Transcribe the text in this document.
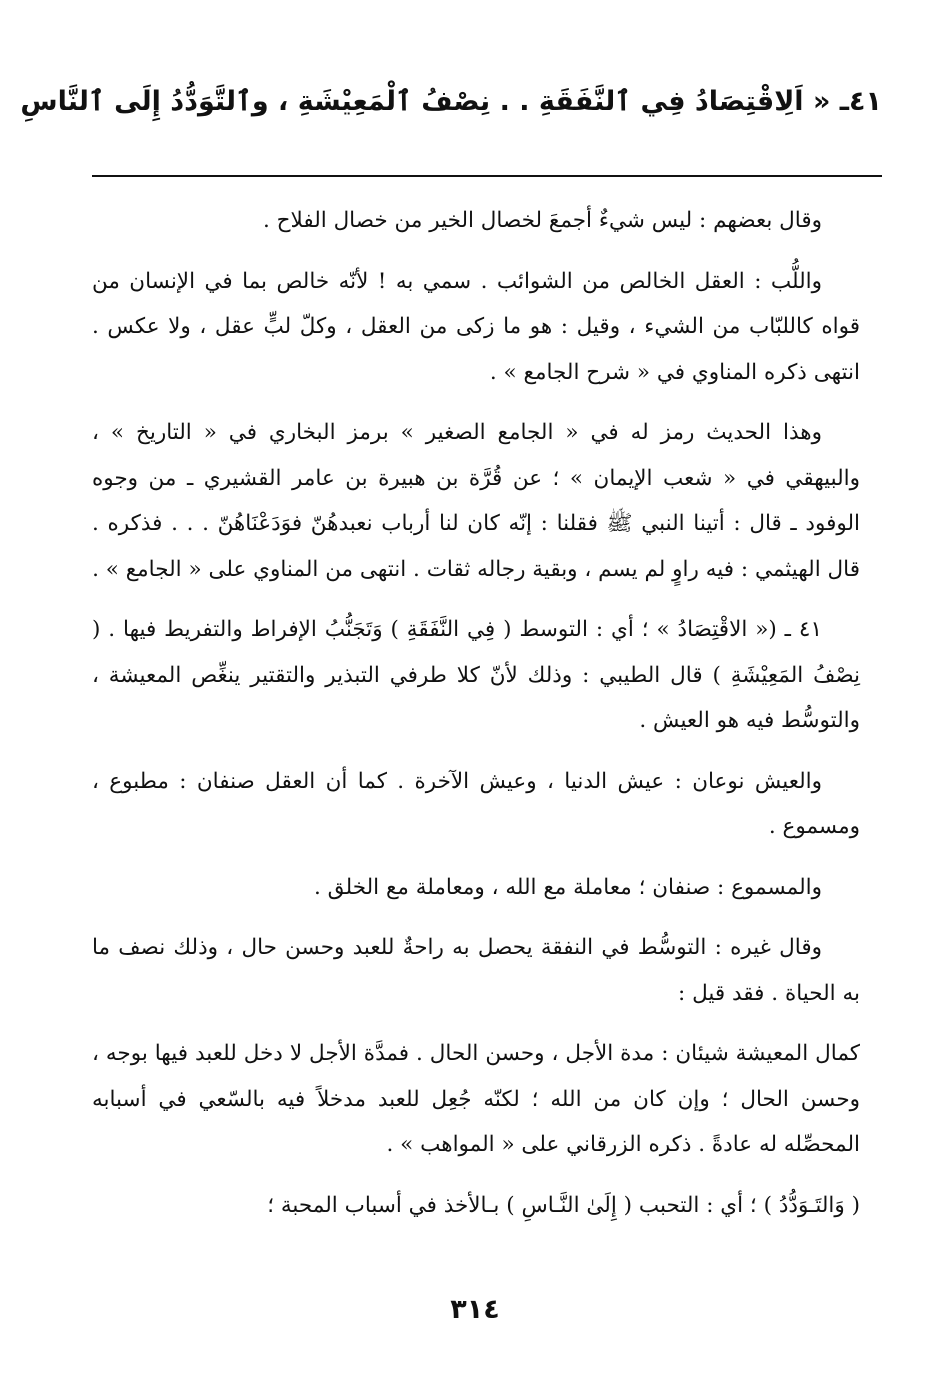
٤١ـ « اَلِاقْتِصَادُ فِي ٱلنَّفَقَةِ . . نِصْفُ ٱلْمَعِيْشَةِ ، وٱلتَّوَدُّدُ إِلَى ٱلنَّاسِ

وقال بعضهم : ليس شيءٌ أجمعَ لخصال الخير من خصال الفلاح .

واللُّب : العقل الخالص من الشوائب . سمي به ! لأنّه خالص بما في الإنسان من قواه كاللبّاب من الشيء ، وقيل : هو ما زكى من العقل ، وكلّ لبٍّ عقل ، ولا عكس . انتهى ذكره المناوي في « شرح الجامع » .

وهذا الحديث رمز له في « الجامع الصغير » برمز البخاري في « التاريخ » ، والبيهقي في « شعب الإيمان » ؛ عن قُرَّة بن هبيرة بن عامر القشيري ـ من وجوه الوفود ـ قال : أتينا النبي ﷺ فقلنا : إنّه كان لنا أرباب نعبدهُنّ فوَدَعْنَاهُنّ . . . فذكره . قال الهيثمي : فيه راوٍ لم يسم ، وبقية رجاله ثقات . انتهى من المناوي على « الجامع » .

٤١ ـ (« الاقْتِصَادُ » ؛ أي : التوسط ( فِي النَّفَقَةِ ) وَتَجَنُّبُ الإفراط والتفريط فيها . ( نِصْفُ المَعِيْشَةِ ) قال الطيبي : وذلك لأنّ كلا طرفي التبذير والتقتير ينغِّص المعيشة ، والتوسُّط فيه هو العيش .

والعيش نوعان : عيش الدنيا ، وعيش الآخرة . كما أن العقل صنفان : مطبوع ، ومسموع .

والمسموع : صنفان ؛ معاملة مع الله ، ومعاملة مع الخلق .

وقال غيره : التوسُّط في النفقة يحصل به راحةٌ للعبد وحسن حال ، وذلك نصف ما به الحياة . فقد قيل :

كمال المعيشة شيئان : مدة الأجل ، وحسن الحال . فمدَّة الأجل لا دخل للعبد فيها بوجه ، وحسن الحال ؛ وإن كان من الله ؛ لكنّه جُعِل للعبد مدخلاً فيه بالسّعي في أسبابه المحصِّله له عادةً . ذكره الزرقاني على « المواهب » .

( وَالتَـوَدُّدُ ) ؛ أي : التحبب ( إِلَىٰ النَّـاسِ ) بـالأخذ في أسباب المحبة ؛

٣١٤
